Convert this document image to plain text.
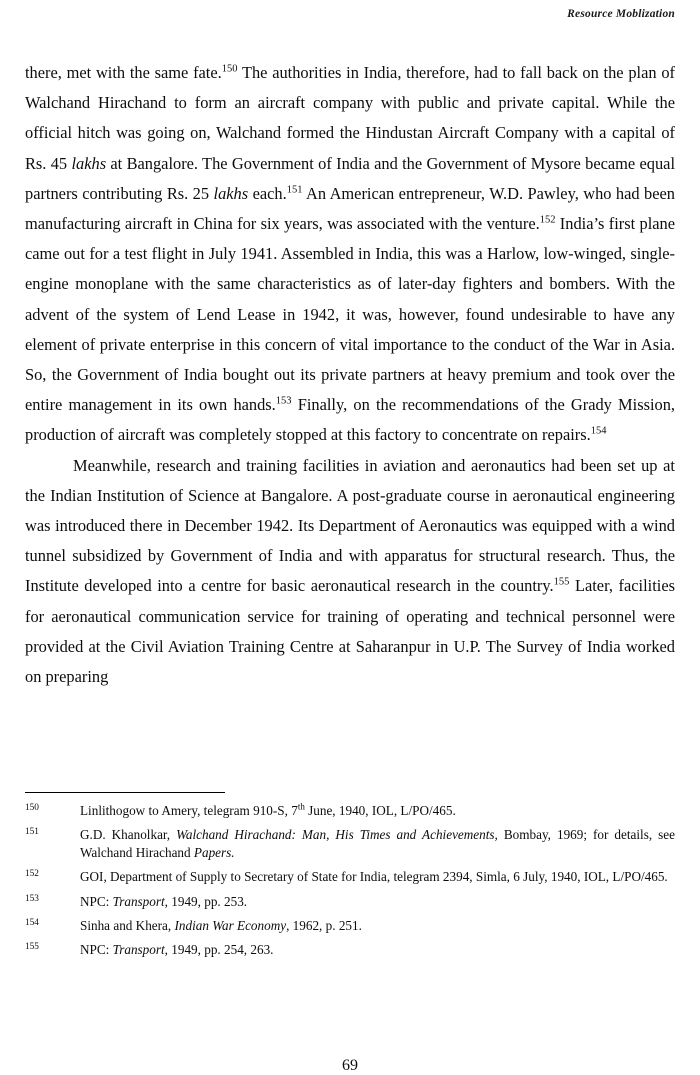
Resource Moblization

there, met with the same fate.$^{150}$ The authorities in India, therefore, had to fall back on the plan of Walchand Hirachand to form an aircraft company with public and private capital. While the official hitch was going on, Walchand formed the Hindustan Aircraft Company with a capital of Rs. 45 lakhs at Bangalore. The Government of India and the Government of Mysore became equal partners contributing Rs. 25 lakhs each.$^{151}$ An American entrepreneur, W.D. Pawley, who had been manufacturing aircraft in China for six years, was associated with the venture.$^{152}$ India’s first plane came out for a test flight in July 1941. Assembled in India, this was a Harlow, low-winged, single-engine monoplane with the same characteristics as of later-day fighters and bombers. With the advent of the system of Lend Lease in 1942, it was, however, found undesirable to have any element of private enterprise in this concern of vital importance to the conduct of the War in Asia. So, the Government of India bought out its private partners at heavy premium and took over the entire management in its own hands.$^{153}$ Finally, on the recommendations of the Grady Mission, production of aircraft was completely stopped at this factory to concentrate on repairs.$^{154}$

Meanwhile, research and training facilities in aviation and aeronautics had been set up at the Indian Institution of Science at Bangalore. A post-graduate course in aeronautical engineering was introduced there in December 1942. Its Department of Aeronautics was equipped with a wind tunnel subsidized by Government of India and with apparatus for structural research. Thus, the Institute developed into a centre for basic aeronautical research in the country.$^{155}$ Later, facilities for aeronautical communication service for training of operating and technical personnel were provided at the Civil Aviation Training Centre at Saharanpur in U.P. The Survey of India worked on preparing

150	Linlithogow to Amery, telegram 910-S, 7th June, 1940, IOL, L/PO/465.
151	G.D. Khanolkar, Walchand Hirachand: Man, His Times and Achievements, Bombay, 1969; for details, see Walchand Hirachand Papers.
152	GOI, Department of Supply to Secretary of State for India, telegram 2394, Simla, 6 July, 1940, IOL, L/PO/465.
153	NPC: Transport, 1949, pp. 253.
154	Sinha and Khera, Indian War Economy, 1962, p. 251.
155	NPC: Transport, 1949, pp. 254, 263.
69
